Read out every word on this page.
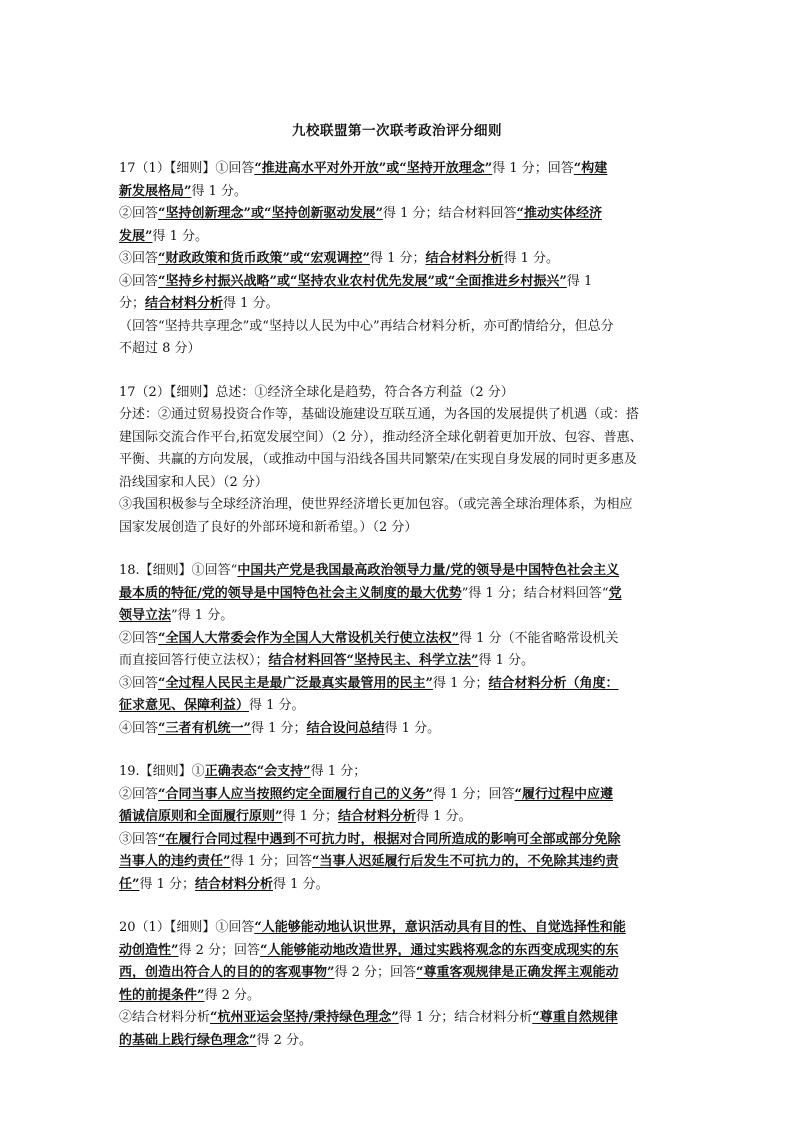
九校联盟第一次联考政治评分细则
17（1）【细则】①回答“推进高水平对外开放”或“坚持开放理念”得 1 分；回答“构建
新发展格局”得 1 分。
②回答“坚持创新理念”或“坚持创新驱动发展”得 1 分；结合材料回答“推动实体经济
发展”得 1 分。
③回答“财政政策和货币政策”或“宏观调控”得 1 分；结合材料分析得 1 分。
④回答“坚持乡村振兴战略”或“坚持农业农村优先发展”或“全面推进乡村振兴”得 1
分；结合材料分析得 1 分。
（回答“坚持共享理念”或“坚持以人民为中心”再结合材料分析，亦可酌情给分，但总分
不超过 8 分）
17（2）【细则】总述：①经济全球化是趋势，符合各方利益（2 分）
分述：②通过贸易投资合作等，基础设施建设互联互通，为各国的发展提供了机遇（或：搭
建国际交流合作平台,拓宽发展空间）（2 分），推动经济全球化朝着更加开放、包容、普惠、
平衡、共赢的方向发展，（或推动中国与沿线各国共同繁荣/在实现自身发展的同时更多惠及
沿线国家和人民）（2 分）
③我国积极参与全球经济治理，使世界经济增长更加包容。（或完善全球治理体系，为相应
国家发展创造了良好的外部环境和新希望。）（2 分）
18.【细则】①回答“中国共产党是我国最高政治领导力量/党的领导是中国特色社会主义
最本质的特征/党的领导是中国特色社会主义制度的最大优势”得 1 分；结合材料回答“党
领导立法”得 1 分。
②回答“全国人大常委会作为全国人大常设机关行使立法权”得 1 分（不能省略常设机关
而直接回答行使立法权）；结合材料回答“坚持民主、科学立法”得 1 分。
③回答“全过程人民民主是最广泛最真实最管用的民主”得 1 分；结合材料分析（角度：
征求意见、保障利益）得 1 分。
④回答“三者有机统一”得 1 分；结合设问总结得 1 分。
19.【细则】①正确表态“会支持”得 1 分；
②回答“合同当事人应当按照约定全面履行自己的义务”得 1 分；回答“履行过程中应遵
循诚信原则和全面履行原则”得 1 分；结合材料分析得 1 分。
③回答“在履行合同过程中遇到不可抗力时，根据对合同所造成的影响可全部或部分免除
当事人的违约责任”得 1 分；回答“当事人迟延履行后发生不可抗力的，不免除其违约责
任”得 1 分；结合材料分析得 1 分。
20（1）【细则】①回答“人能够能动地认识世界，意识活动具有目的性、自觉选择性和能
动创造性”得 2 分；回答“人能够能动地改造世界，通过实践将观念的东西变成现实的东
西，创造出符合人的目的的客观事物”得 2 分；回答“尊重客观规律是正确发挥主观能动
性的前提条件”得 2 分。
②结合材料分析“杭州亚运会坚持/秉持绿色理念”得 1 分；结合材料分析“尊重自然规律
的基础上践行绿色理念”得 2 分。
